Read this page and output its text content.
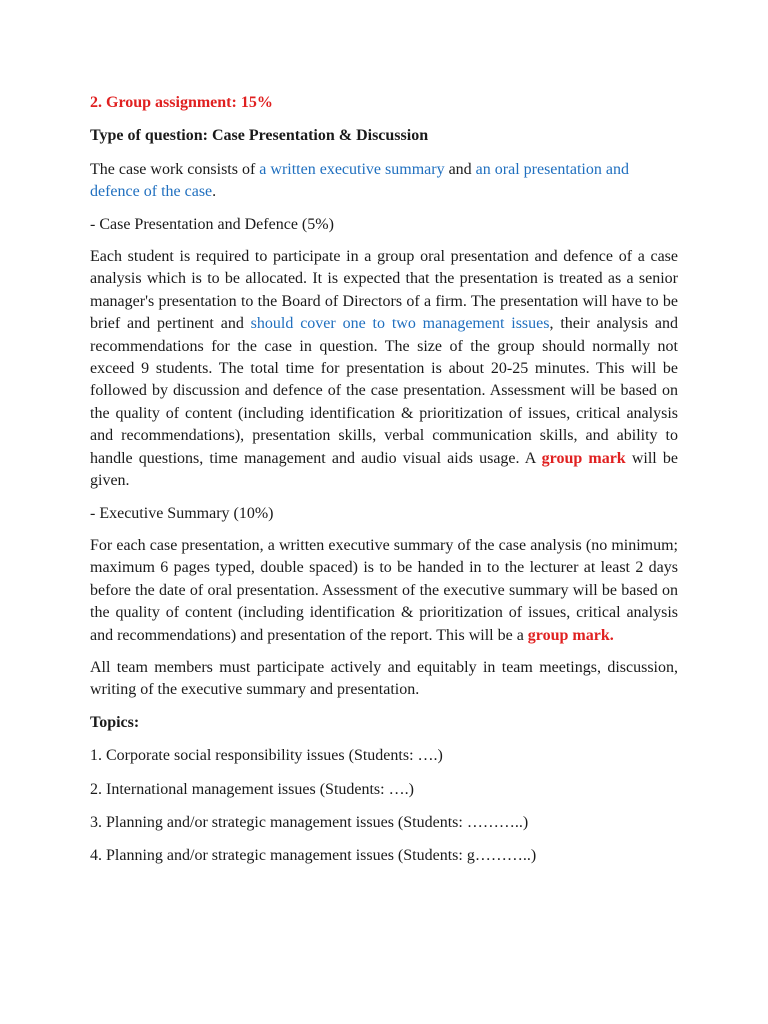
2. Group assignment: 15%

Type of question: Case Presentation & Discussion

The case work consists of a written executive summary and an oral presentation and defence of the case.

- Case Presentation and Defence (5%)

Each student is required to participate in a group oral presentation and defence of a case analysis which is to be allocated. It is expected that the presentation is treated as a senior manager's presentation to the Board of Directors of a firm. The presentation will have to be brief and pertinent and should cover one to two management issues, their analysis and recommendations for the case in question. The size of the group should normally not exceed 9 students. The total time for presentation is about 20-25 minutes. This will be followed by discussion and defence of the case presentation. Assessment will be based on the quality of content (including identification & prioritization of issues, critical analysis and recommendations), presentation skills, verbal communication skills, and ability to handle questions, time management and audio visual aids usage. A group mark will be given.

- Executive Summary (10%)

For each case presentation, a written executive summary of the case analysis (no minimum; maximum 6 pages typed, double spaced) is to be handed in to the lecturer at least 2 days before the date of oral presentation. Assessment of the executive summary will be based on the quality of content (including identification & prioritization of issues, critical analysis and recommendations) and presentation of the report. This will be a group mark.

All team members must participate actively and equitably in team meetings, discussion, writing of the executive summary and presentation.

Topics:

1. Corporate social responsibility issues (Students: ….)

2. International management issues (Students: ….)

3. Planning and/or strategic management issues (Students: ………..)

4. Planning and/or strategic management issues (Students: g………..)
